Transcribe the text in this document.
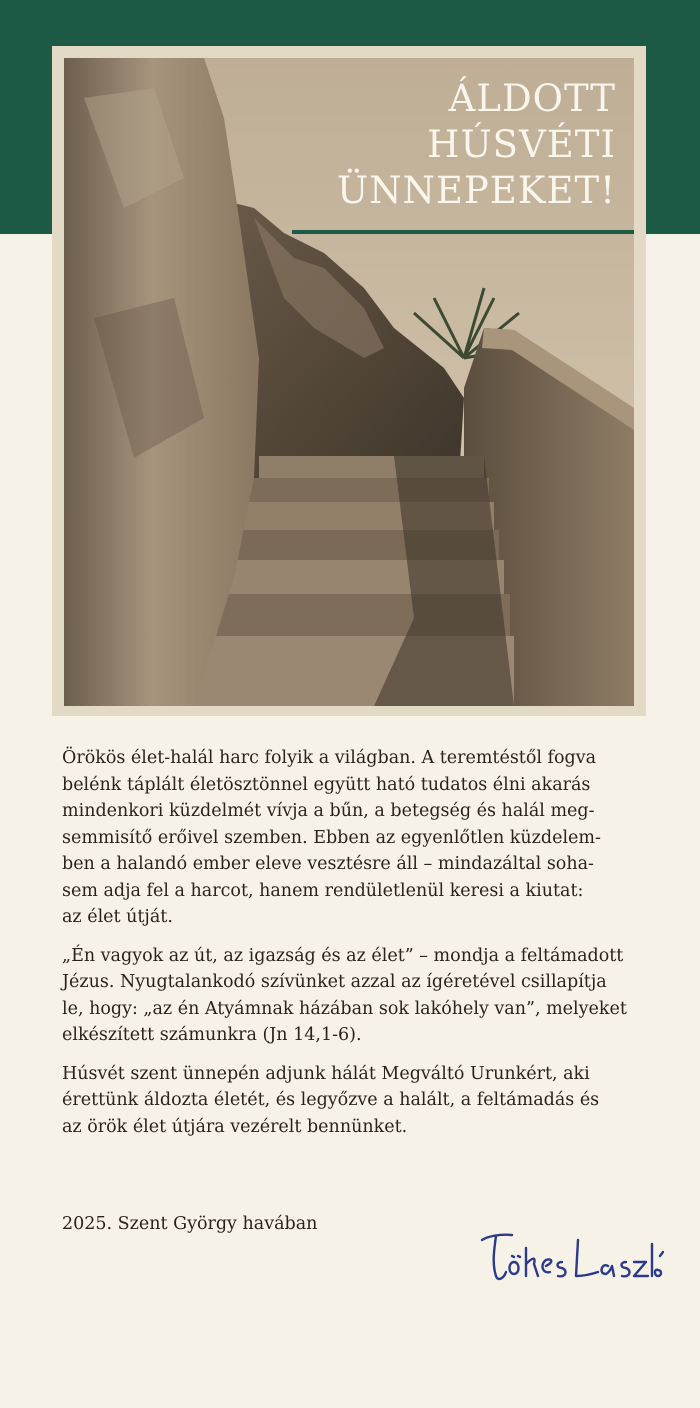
ÁLDOTT
HÚSVÉTI
ÜNNEPEKET!

Örökös élet-halál harc folyik a világban. A teremtéstől fogva
belénk táplált életösztönnel együtt ható tudatos élni akarás
mindenkori küzdelmét vívja a bűn, a betegség és halál meg-
semmisítő erőivel szemben. Ebben az egyenlőtlen küzdelem-
ben a halandó ember eleve vesztésre áll – mindazáltal soha-
sem adja fel a harcot, hanem rendületlenül keresi a kiutat:
az élet útját.

„Én vagyok az út, az igazság és az élet” – mondja a feltámadott
Jézus. Nyugtalankodó szívünket azzal az ígéretével csillapítja
le, hogy: „az én Atyámnak házában sok lakóhely van”, melyeket
elkészített számunkra (Jn 14,1-6).

Húsvét szent ünnepén adjunk hálát Megváltó Urunkért, aki
érettünk áldozta életét, és legyőzve a halált, a feltámadás és
az örök élet útjára vezérelt bennünket.

2025. Szent György havában
